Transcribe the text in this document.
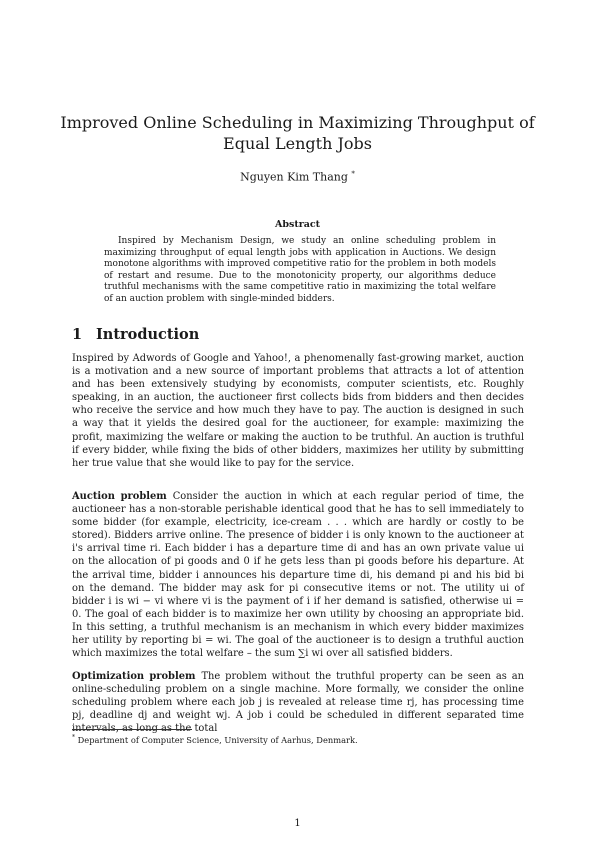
Improved Online Scheduling in Maximizing Throughput of Equal Length Jobs
Nguyen Kim Thang *
Abstract

Inspired by Mechanism Design, we study an online scheduling problem in maximizing throughput of equal length jobs with application in Auctions. We design monotone algorithms with improved competitive ratio for the problem in both models of restart and resume. Due to the monotonicity property, our algorithms deduce truthful mechanisms with the same competitive ratio in maximizing the total welfare of an auction problem with single-minded bidders.

1 Introduction

Inspired by Adwords of Google and Yahoo!, a phenomenally fast-growing market, auction is a motivation and a new source of important problems that attracts a lot of attention and has been extensively studying by economists, computer scientists, etc. Roughly speaking, in an auction, the auctioneer first collects bids from bidders and then decides who receive the service and how much they have to pay. The auction is designed in such a way that it yields the desired goal for the auctioneer, for example: maximizing the profit, maximizing the welfare or making the auction to be truthful. An auction is truthful if every bidder, while fixing the bids of other bidders, maximizes her utility by submitting her true value that she would like to pay for the service.

Auction problem Consider the auction in which at each regular period of time, the auctioneer has a non-storable perishable identical good that he has to sell immediately to some bidder (for example, electricity, ice-cream . . . which are hardly or costly to be stored). Bidders arrive online. The presence of bidder i is only known to the auctioneer at i's arrival time ri. Each bidder i has a departure time di and has an own private value ui on the allocation of pi goods and 0 if he gets less than pi goods before his departure. At the arrival time, bidder i announces his departure time di, his demand pi and his bid bi on the demand. The bidder may ask for pi consecutive items or not. The utility ui of bidder i is wi − vi where vi is the payment of i if her demand is satisfied, otherwise ui = 0. The goal of each bidder is to maximize her own utility by choosing an appropriate bid. In this setting, a truthful mechanism is an mechanism in which every bidder maximizes her utility by reporting bi = wi. The goal of the auctioneer is to design a truthful auction which maximizes the total welfare – the sum ∑i wi over all satisfied bidders.

Optimization problem The problem without the truthful property can be seen as an online-scheduling problem on a single machine. More formally, we consider the online scheduling problem where each job j is revealed at release time rj, has processing time pj, deadline dj and weight wj. A job i could be scheduled in different separated time intervals, as long as the total

* Department of Computer Science, University of Aarhus, Denmark.
1
